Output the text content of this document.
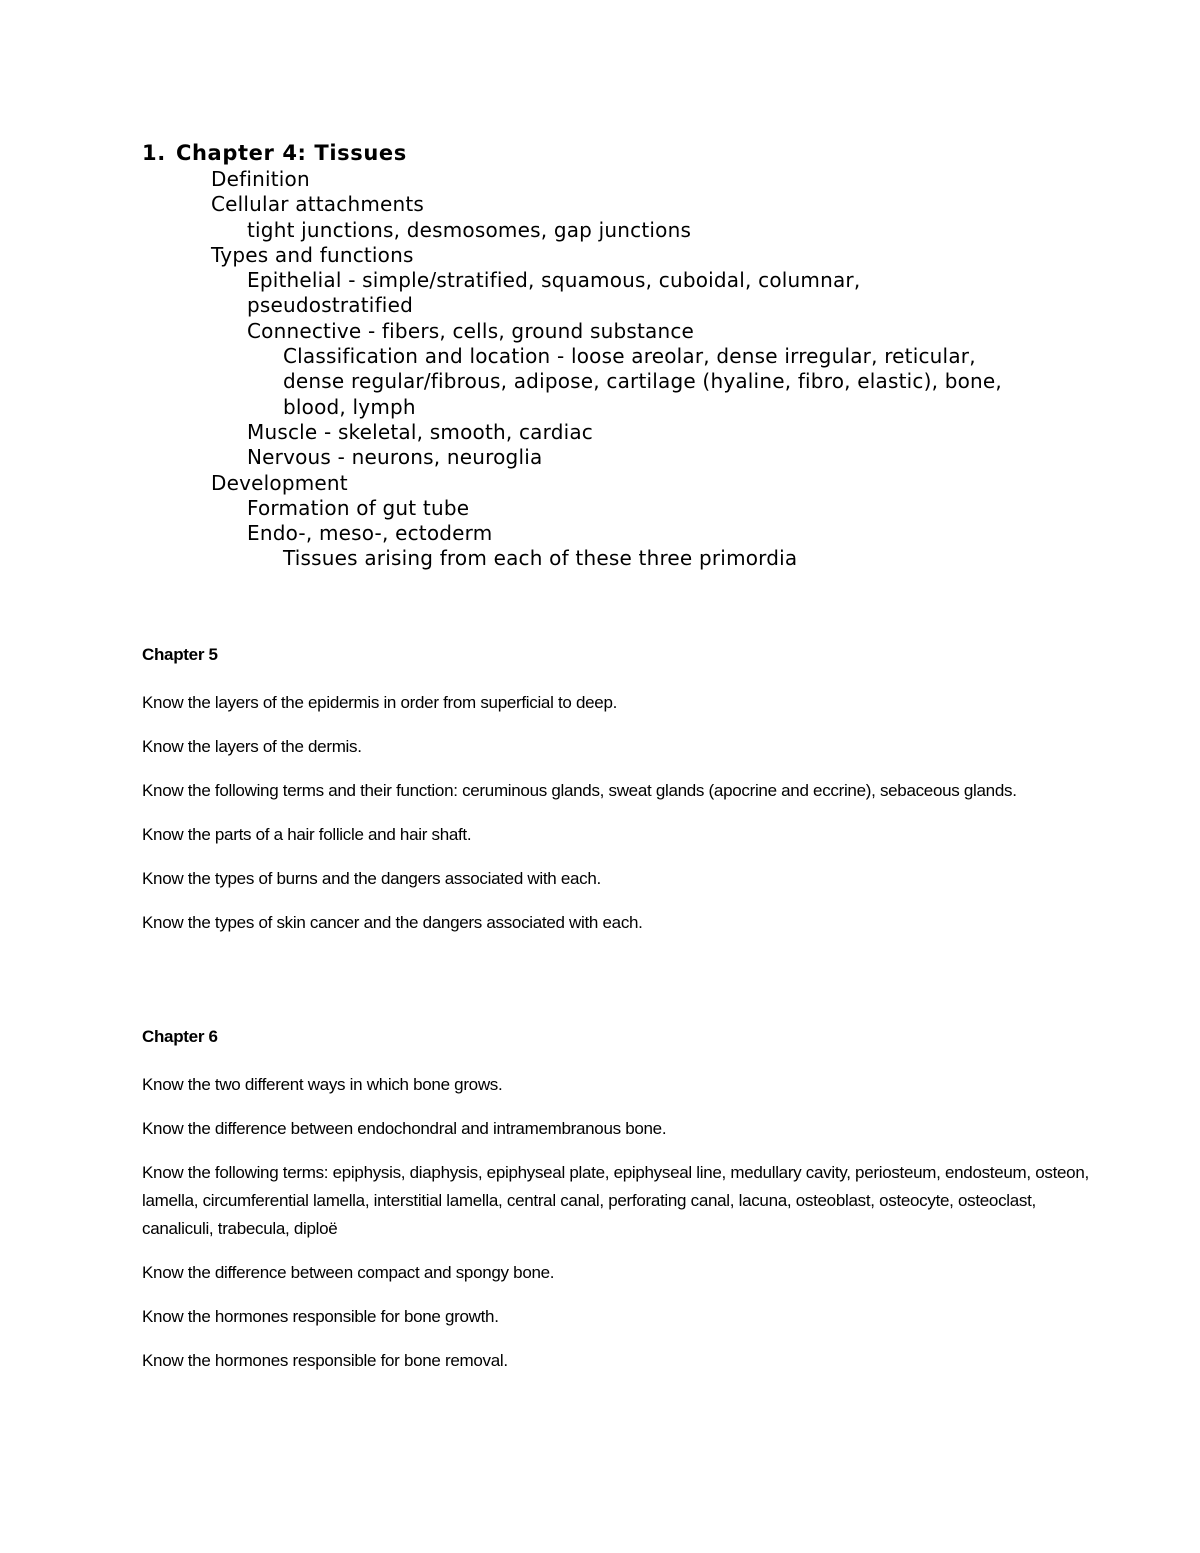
1. Chapter 4: Tissues
Definition
Cellular attachments
tight junctions, desmosomes, gap junctions
Types and functions
Epithelial - simple/stratified, squamous, cuboidal, columnar,
pseudostratified
Connective - fibers, cells, ground substance
Classification and location - loose areolar, dense irregular, reticular,
dense regular/fibrous, adipose, cartilage (hyaline, fibro, elastic), bone,
blood, lymph
Muscle - skeletal, smooth, cardiac
Nervous - neurons, neuroglia
Development
Formation of gut tube
Endo-, meso-, ectoderm
Tissues arising from each of these three primordia
Chapter 5

Know the layers of the epidermis in order from superficial to deep.

Know the layers of the dermis.

Know the following terms and their function: ceruminous glands, sweat glands (apocrine and eccrine), sebaceous glands.

Know the parts of a hair follicle and hair shaft.

Know the types of burns and the dangers associated with each.

Know the types of skin cancer and the dangers associated with each.

Chapter 6

Know the two different ways in which bone grows.

Know the difference between endochondral and intramembranous bone.

Know the following terms: epiphysis, diaphysis, epiphyseal plate, epiphyseal line, medullary cavity, periosteum, endosteum, osteon, lamella, circumferential lamella, interstitial lamella, central canal, perforating canal, lacuna, osteoblast, osteocyte, osteoclast, canaliculi, trabecula, diploë

Know the difference between compact and spongy bone.

Know the hormones responsible for bone growth.

Know the hormones responsible for bone removal.
